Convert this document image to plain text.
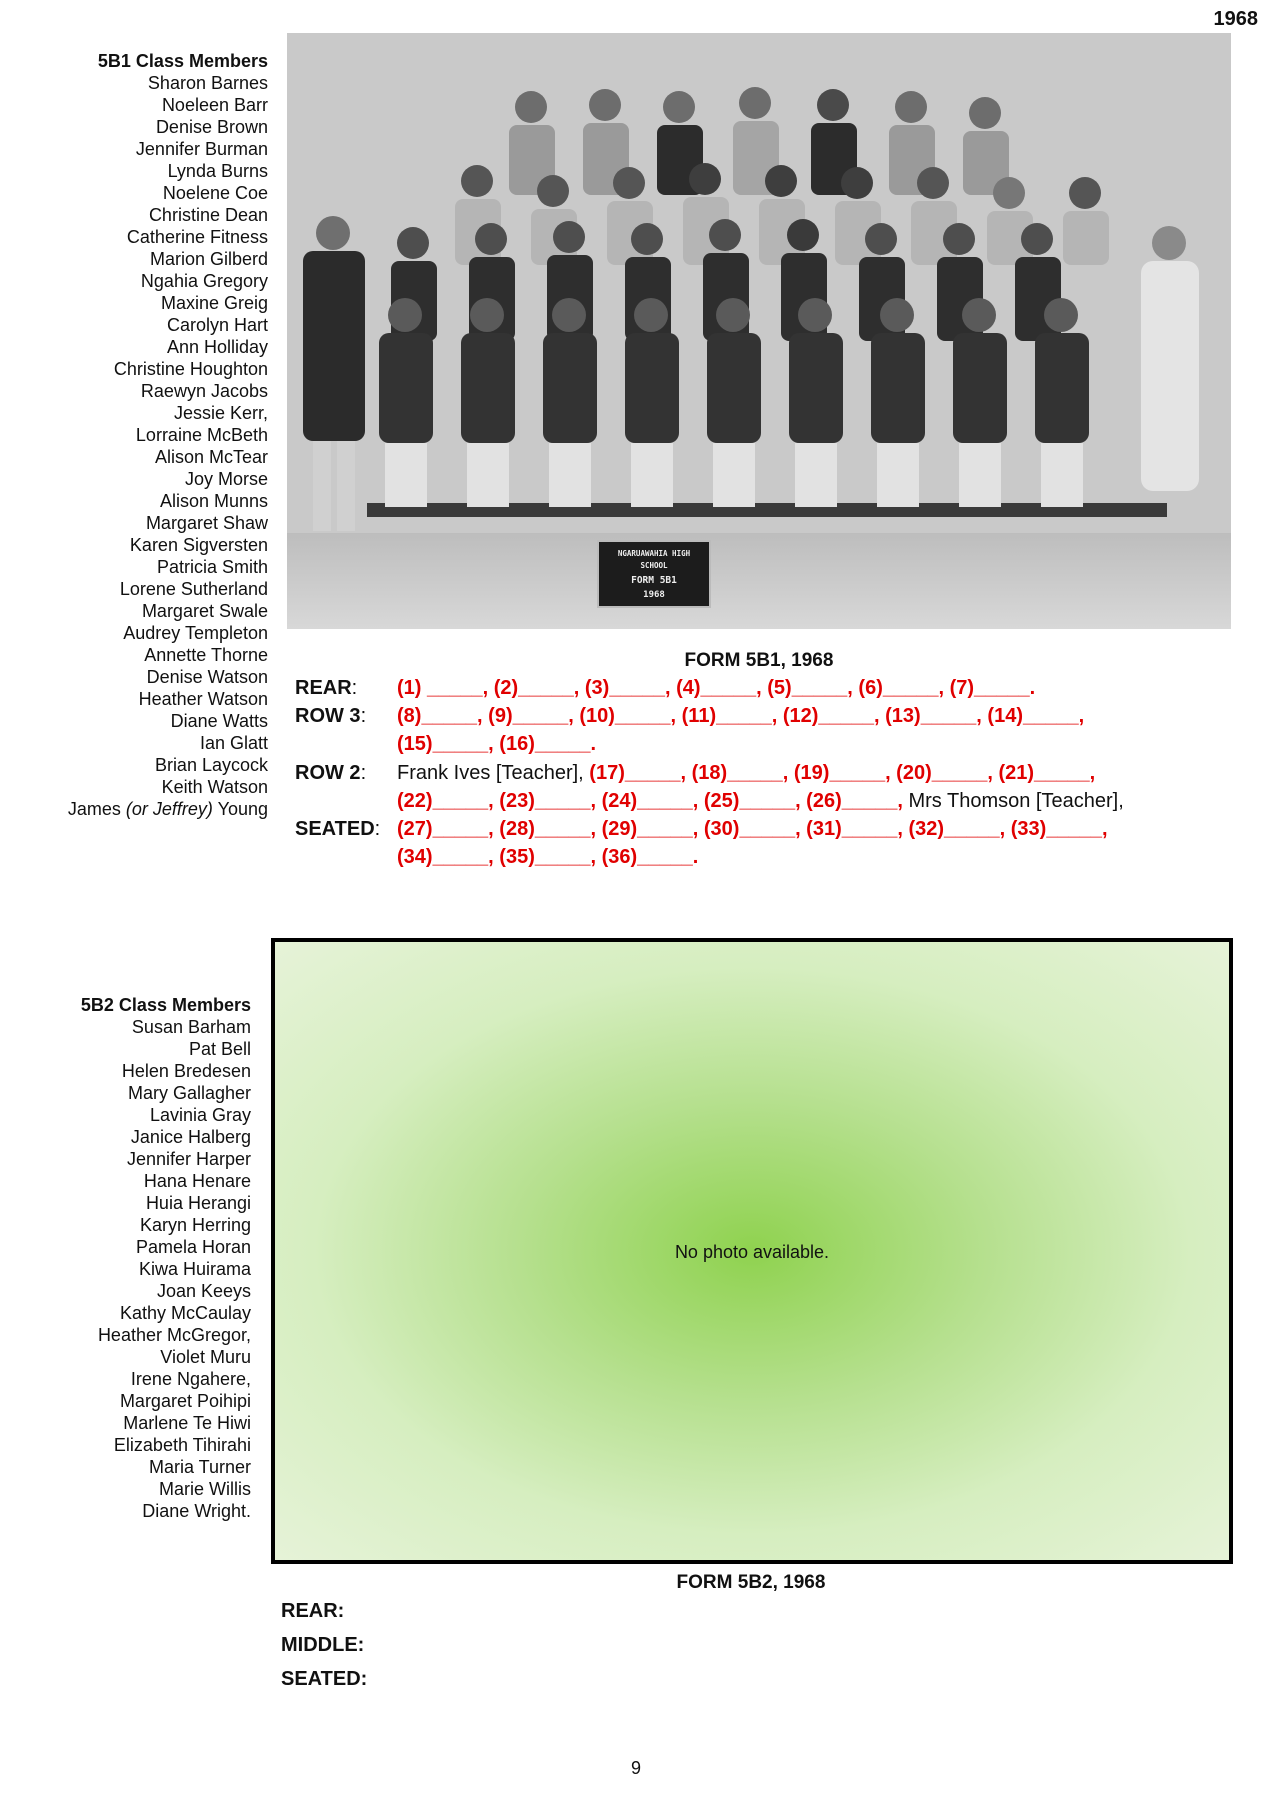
1968
5B1 Class Members
Sharon Barnes
Noeleen Barr
Denise Brown
Jennifer Burman
Lynda Burns
Noelene Coe
Christine Dean
Catherine Fitness
Marion Gilberd
Ngahia Gregory
Maxine Greig
Carolyn Hart
Ann Holliday
Christine Houghton
Raewyn Jacobs
Jessie Kerr,
Lorraine McBeth
Alison McTear
Joy Morse
Alison Munns
Margaret Shaw
Karen Sigversten
Patricia Smith
Lorene Sutherland
Margaret Swale
Audrey Templeton
Annette Thorne
Denise Watson
Heather Watson
Diane Watts
Ian Glatt
Brian Laycock
Keith Watson
James (or Jeffrey) Young
NGARUAWAHIA HIGH
SCHOOL
FORM 5B1
1968
FORM 5B1, 1968
REAR: (1) _____, (2)_____, (3)_____, (4)_____, (5)_____, (6)_____, (7)_____.
ROW 3: (8)_____, (9)_____, (10)_____, (11)_____, (12)_____, (13)_____, (14)_____,
(15)_____, (16)_____.
ROW 2: Frank Ives [Teacher], (17)_____, (18)_____, (19)_____, (20)_____, (21)_____,
(22)_____, (23)_____, (24)_____, (25)_____, (26)_____, Mrs Thomson [Teacher],
SEATED: (27)_____, (28)_____, (29)_____, (30)_____, (31)_____, (32)_____, (33)_____,
(34)_____, (35)_____, (36)_____.
5B2 Class Members
Susan Barham
Pat Bell
Helen Bredesen
Mary Gallagher
Lavinia Gray
Janice Halberg
Jennifer Harper
Hana Henare
Huia Herangi
Karyn Herring
Pamela Horan
Kiwa Huirama
Joan Keeys
Kathy McCaulay
Heather McGregor,
Violet Muru
Irene Ngahere,
Margaret Poihipi
Marlene Te Hiwi
Elizabeth Tihirahi
Maria Turner
Marie Willis
Diane Wright.
No photo available.
FORM 5B2, 1968
REAR:
MIDDLE:
SEATED:
9
